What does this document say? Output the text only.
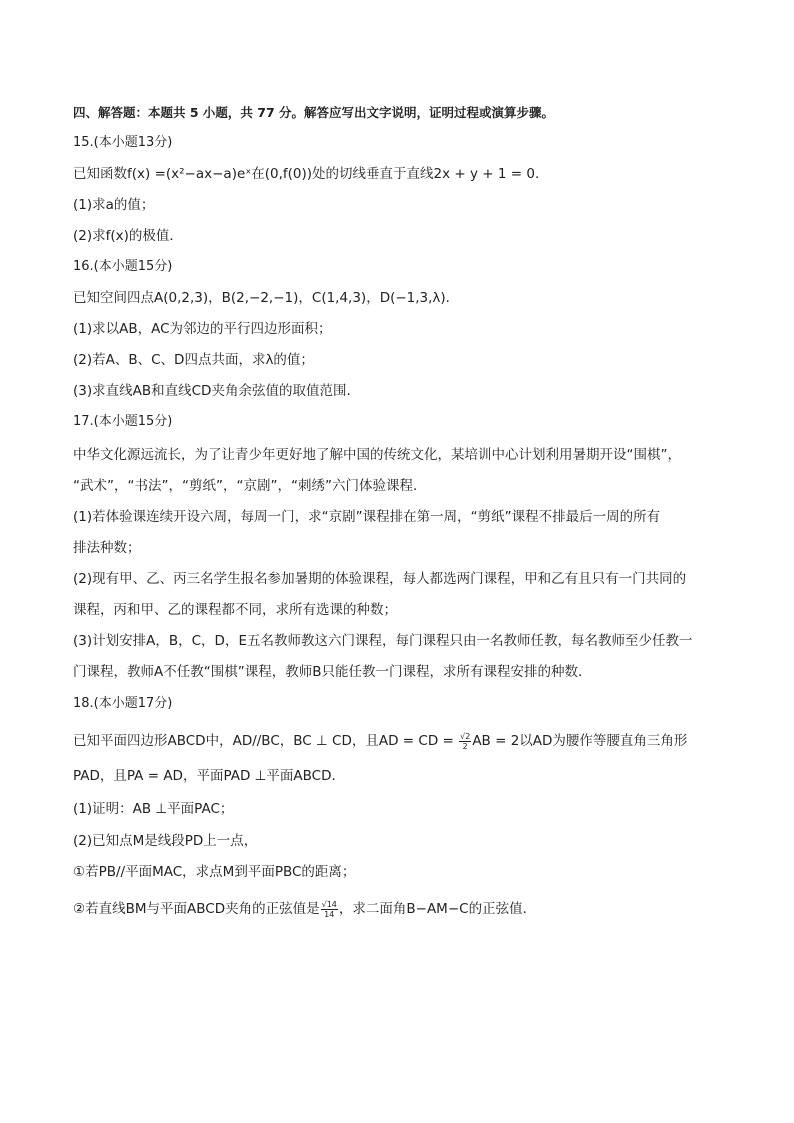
四、解答题：本题共 5 小题，共 77 分。解答应写出文字说明，证明过程或演算步骤。
15.(本小题13分)
已知函数f(x) =(x²−ax−a)eˣ在(0,f(0))处的切线垂直于直线2x + y + 1 = 0．
(1)求a的值；
(2)求f(x)的极值．
16.(本小题15分)
已知空间四点A(0,2,3)，B(2,−2,−1)，C(1,4,3)，D(−1,3,λ)．
(1)求以AB，AC为邻边的平行四边形面积；
(2)若A、B、C、D四点共面，求λ的值；
(3)求直线AB和直线CD夹角余弦值的取值范围．
17.(本小题15分)
中华文化源远流长，为了让青少年更好地了解中国的传统文化，某培训中心计划利用暑期开设“围棋”，
“武术”，“书法”，“剪纸”，“京剧”，“刺绣”六门体验课程．
(1)若体验课连续开设六周，每周一门，求“京剧”课程排在第一周，“剪纸”课程不排最后一周的所有
排法种数；
(2)现有甲、乙、丙三名学生报名参加暑期的体验课程，每人都选两门课程，甲和乙有且只有一门共同的
课程，丙和甲、乙的课程都不同，求所有选课的种数；
(3)计划安排A，B，C，D，E五名教师教这六门课程，每门课程只由一名教师任教，每名教师至少任教一
门课程，教师A不任教“围棋”课程，教师B只能任教一门课程，求所有课程安排的种数．
18.(本小题17分)
已知平面四边形ABCD中，AD//BC，BC ⊥ CD，且AD = CD = $\frac{√2}{2}$ AB = 2以AD为腰作等腰直角三角形
PAD，且PA = AD，平面PAD ⊥平面ABCD．
(1)证明：AB ⊥平面PAC；
(2)已知点M是线段PD上一点，
①若PB//平面MAC，求点M到平面PBC的距离；
②若直线BM与平面ABCD夹角的正弦值是 $\frac{√14}{14}$ ，求二面角B−AM−C的正弦值．
